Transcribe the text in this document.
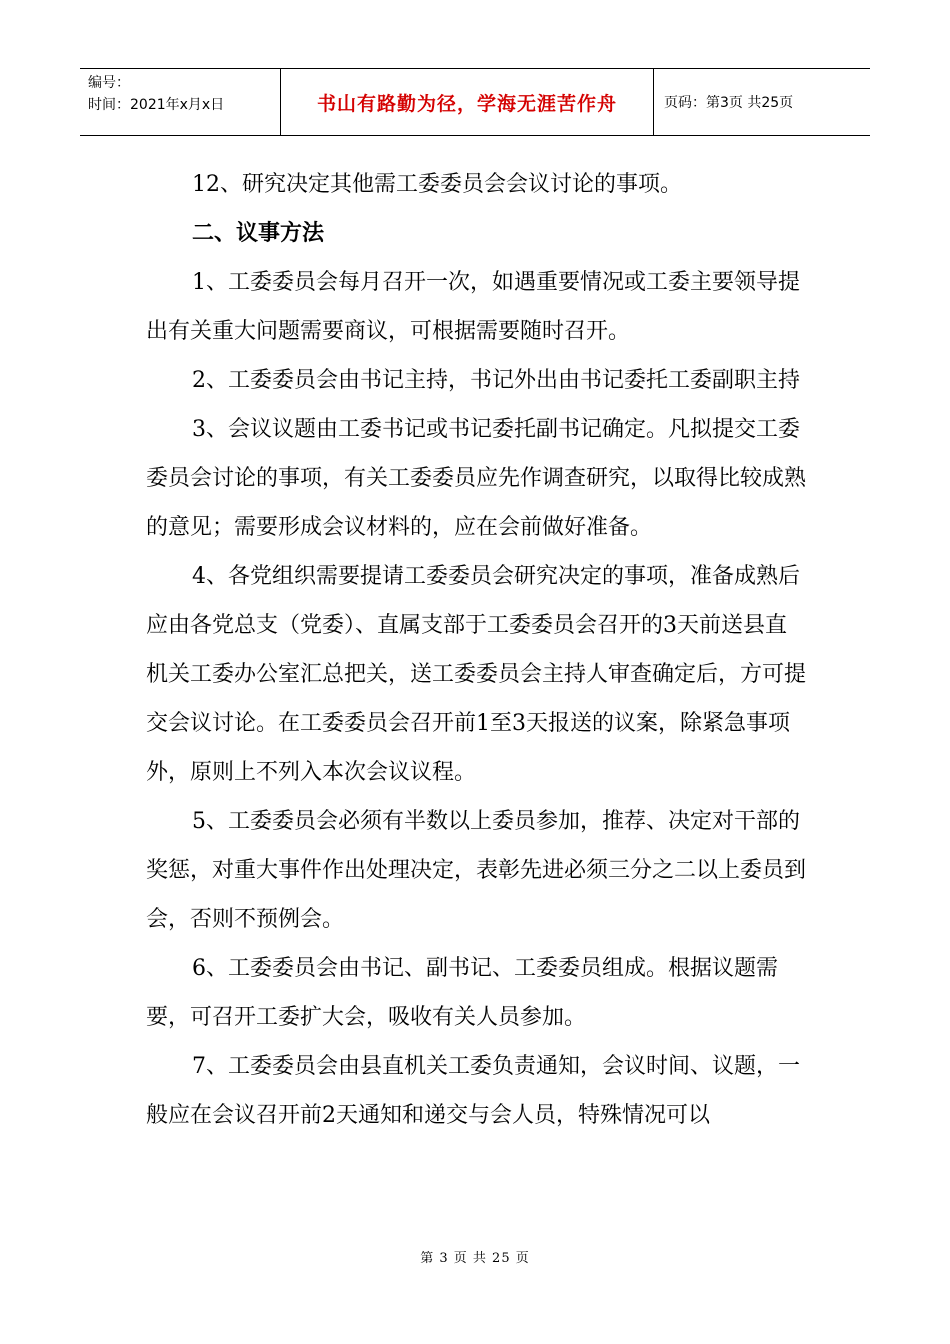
编号：
时间：2021年x月x日	书山有路勤为径，学海无涯苦作舟	页码：第3页 共25页

12、研究决定其他需工委委员会会议讨论的事项。

二、议事方法

1、工委委员会每月召开一次，如遇重要情况或工委主要领导提出有关重大问题需要商议，可根据需要随时召开。

2、工委委员会由书记主持，书记外出由书记委托工委副职主持

3、会议议题由工委书记或书记委托副书记确定。凡拟提交工委委员会讨论的事项，有关工委委员应先作调查研究，以取得比较成熟的意见；需要形成会议材料的，应在会前做好准备。

4、各党组织需要提请工委委员会研究决定的事项，准备成熟后应由各党总支（党委）、直属支部于工委委员会召开的3天前送县直机关工委办公室汇总把关，送工委委员会主持人审查确定后，方可提交会议讨论。在工委委员会召开前1至3天报送的议案，除紧急事项外，原则上不列入本次会议议程。

5、工委委员会必须有半数以上委员参加，推荐、决定对干部的奖惩，对重大事件作出处理决定，表彰先进必须三分之二以上委员到会，否则不预例会。

6、工委委员会由书记、副书记、工委委员组成。根据议题需要，可召开工委扩大会，吸收有关人员参加。

7、工委委员会由县直机关工委负责通知，会议时间、议题，一般应在会议召开前2天通知和递交与会人员，特殊情况可以

第 3 页 共 25 页
